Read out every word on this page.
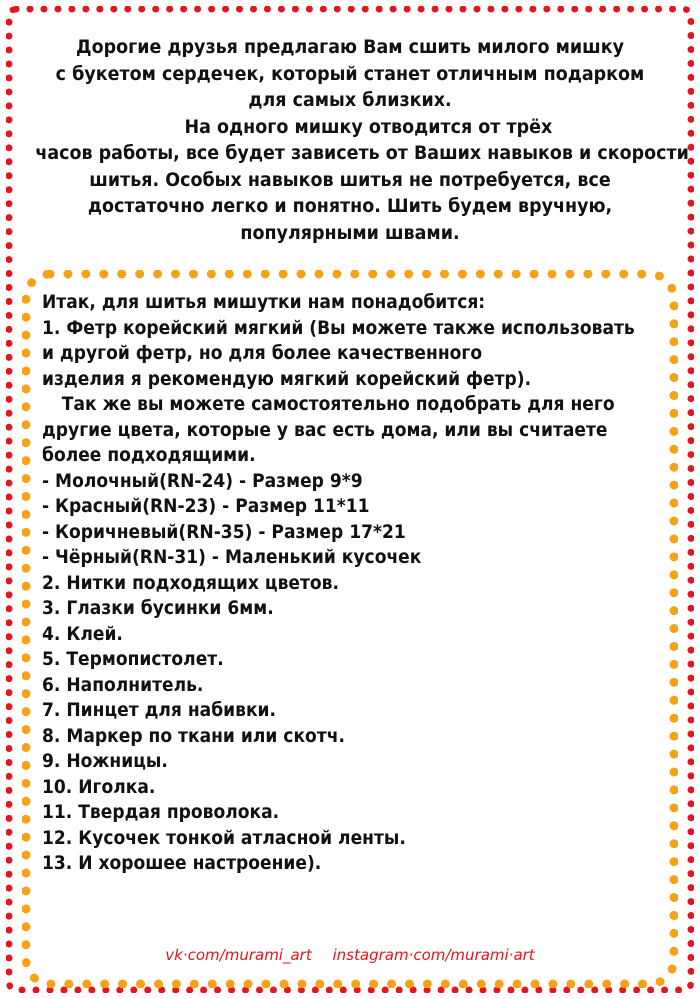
Дорогие друзья предлагаю Вам сшить милого мишку
с букетом сердечек, который станет отличным подарком
для самых близких.
На одного мишку отводится от трёх
часов работы, все будет зависеть от Ваших навыков и скорости
шитья. Особых навыков шитья не потребуется, все
достаточно легко и понятно. Шить будем вручную,
популярными швами.
Итак, для шитья мишутки нам понадобится:
1. Фетр корейский мягкий (Вы можете также использовать
и другой фетр, но для более качественного
изделия я рекомендую мягкий корейский фетр).
Так же вы можете самостоятельно подобрать для него
другие цвета, которые у вас есть дома, или вы считаете
более подходящими.
- Молочный(RN-24) - Размер 9*9
- Красный(RN-23) - Размер 11*11
- Коричневый(RN-35) - Размер 17*21
- Чёрный(RN-31) - Маленький кусочек
2. Нитки подходящих цветов.
3. Глазки бусинки 6мм.
4. Клей.
5. Термопистолет.
6. Наполнитель.
7. Пинцет для набивки.
8. Маркер по ткани или скотч.
9. Ножницы.
10. Иголка.
11. Твердая проволока.
12. Кусочек тонкой атласной ленты.
13. И хорошее настроение).
vk·com/murami_art instagram·com/murami·art
